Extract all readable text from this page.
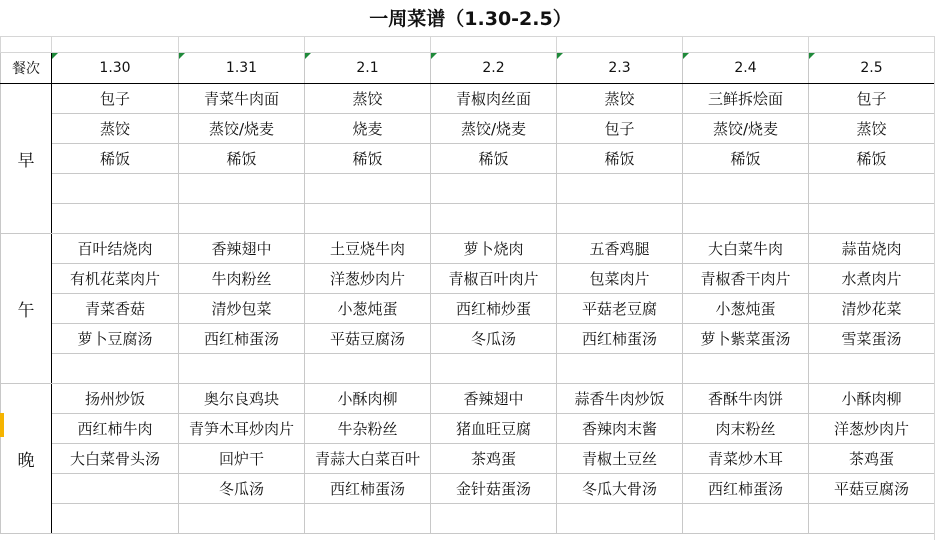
一周菜谱（1.30-2.5）

餐次	1.30	1.31	2.1	2.2	2.3	2.4	2.5
早	包子	青菜牛肉面	蒸饺	青椒肉丝面	蒸饺	三鲜拆烩面	包子
	蒸饺	蒸饺/烧麦	烧麦	蒸饺/烧麦	包子	蒸饺/烧麦	蒸饺
	稀饭	稀饭	稀饭	稀饭	稀饭	稀饭	稀饭

午	百叶结烧肉	香辣翅中	土豆烧牛肉	萝卜烧肉	五香鸡腿	大白菜牛肉	蒜苗烧肉
	有机花菜肉片	牛肉粉丝	洋葱炒肉片	青椒百叶肉片	包菜肉片	青椒香干肉片	水煮肉片
	青菜香菇	清炒包菜	小葱炖蛋	西红柿炒蛋	平菇老豆腐	小葱炖蛋	清炒花菜
	萝卜豆腐汤	西红柿蛋汤	平菇豆腐汤	冬瓜汤	西红柿蛋汤	萝卜紫菜蛋汤	雪菜蛋汤

晚	扬州炒饭	奥尔良鸡块	小酥肉柳	香辣翅中	蒜香牛肉炒饭	香酥牛肉饼	小酥肉柳
	西红柿牛肉	青笋木耳炒肉片	牛杂粉丝	猪血旺豆腐	香辣肉末酱	肉末粉丝	洋葱炒肉片
	大白菜骨头汤	回炉干	青蒜大白菜百叶	茶鸡蛋	青椒土豆丝	青菜炒木耳	茶鸡蛋
		冬瓜汤	西红柿蛋汤	金针菇蛋汤	冬瓜大骨汤	西红柿蛋汤	平菇豆腐汤
